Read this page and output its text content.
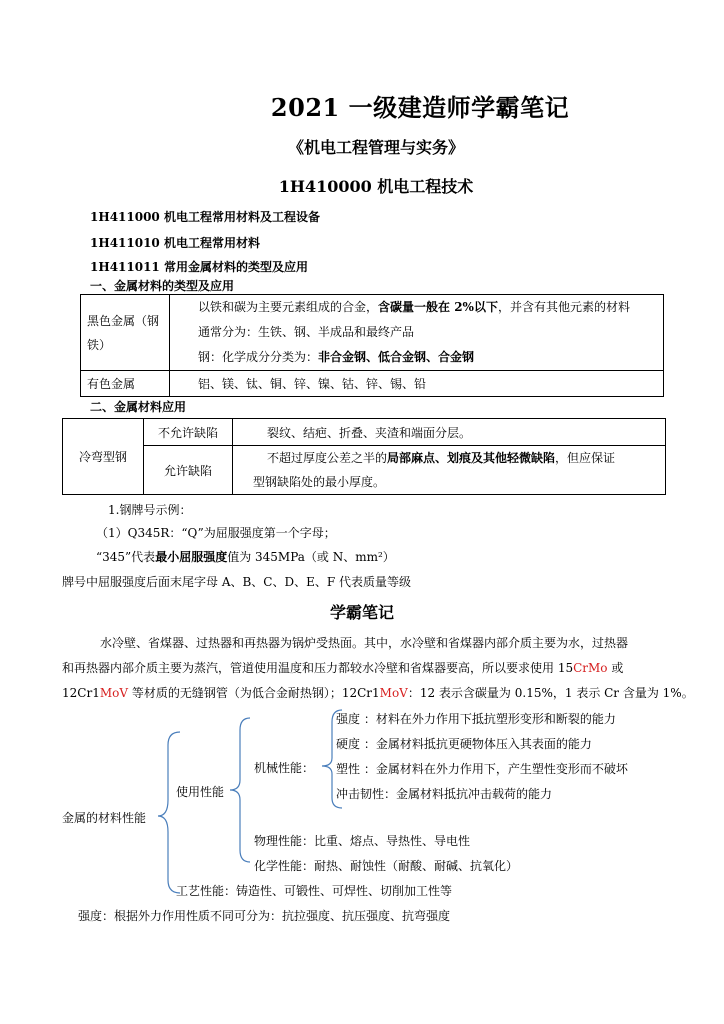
2021 一级建造师学霸笔记
《机电工程管理与实务》
1H410000 机电工程技术
1H411000 机电工程常用材料及工程设备
1H411010 机电工程常用材料
1H411011 常用金属材料的类型及应用
一、金属材料的类型及应用
黑色金属（钢铁）	以铁和碳为主要元素组成的合金，含碳量一般在 2%以下，并含有其他元素的材料
通常分为：生铁、钢、半成品和最终产品
钢：化学成分分类为：非合金钢、低合金钢、合金钢

有色金属	铝、镁、钛、铜、锌、镍、钴、锌、锡、铅
二、金属材料应用
冷弯型钢	不允许缺陷	裂纹、结疤、折叠、夹渣和端面分层。
	允许缺陷	不超过厚度公差之半的局部麻点、划痕及其他轻微缺陷，但应保证
型钢缺陷处的最小厚度。
1.钢牌号示例：
（1）Q345R：“Q”为屈服强度第一个字母；
“345”代表最小屈服强度值为 345MPa（或 N、mm²）
牌号中屈服强度后面末尾字母 A、B、C、D、E、F 代表质量等级
学霸笔记
水冷壁、省煤器、过热器和再热器为锅炉受热面。其中，水冷壁和省煤器内部介质主要为水，过热器
和再热器内部介质主要为蒸汽，管道使用温度和压力都较水冷壁和省煤器要高，所以要求使用 15CrMo 或
12Cr1MoV 等材质的无缝钢管（为低合金耐热钢）；12Cr1MoV：12 表示含碳量为 0.15%，1 表示 Cr 含量为 1%。
金属的材料性能
使用性能
机械性能：
强度 ：材料在外力作用下抵抗塑形变形和断裂的能力
硬度 ：金属材料抵抗更硬物体压入其表面的能力
塑性 ：金属材料在外力作用下，产生塑性变形而不破坏
冲击韧性：金属材料抵抗冲击载荷的能力
物理性能：比重、熔点、导热性、导电性
化学性能：耐热、耐蚀性（耐酸、耐碱、抗氧化）
工艺性能：铸造性、可锻性、可焊性、切削加工性等
强度：根据外力作用性质不同可分为：抗拉强度、抗压强度、抗弯强度
